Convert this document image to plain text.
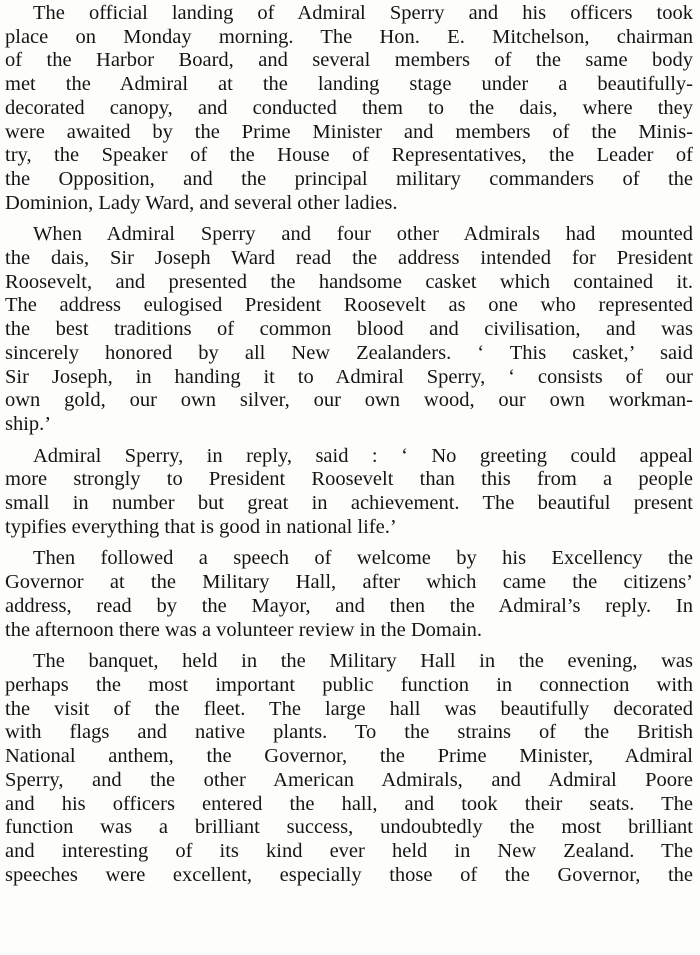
The official landing of Admiral Sperry and his officers took
place on Monday morning. The Hon. E. Mitchelson, chairman
of the Harbor Board, and several members of the same body
met the Admiral at the landing stage under a beautifully-
decorated canopy, and conducted them to the dais, where they
were awaited by the Prime Minister and members of the Minis-
try, the Speaker of the House of Representatives, the Leader of
the Opposition, and the principal military commanders of the
Dominion, Lady Ward, and several other ladies.

When Admiral Sperry and four other Admirals had mounted
the dais, Sir Joseph Ward read the address intended for President
Roosevelt, and presented the handsome casket which contained it.
The address eulogised President Roosevelt as one who represented
the best traditions of common blood and civilisation, and was
sincerely honored by all New Zealanders. ‘ This casket,’ said
Sir Joseph, in handing it to Admiral Sperry, ‘ consists of our
own gold, our own silver, our own wood, our own workman-
ship.’

Admiral Sperry, in reply, said : ‘ No greeting could appeal
more strongly to President Roosevelt than this from a people
small in number but great in achievement. The beautiful present
typifies everything that is good in national life.’

Then followed a speech of welcome by his Excellency the
Governor at the Military Hall, after which came the citizens’
address, read by the Mayor, and then the Admiral’s reply. In
the afternoon there was a volunteer review in the Domain.

The banquet, held in the Military Hall in the evening, was
perhaps the most important public function in connection with
the visit of the fleet. The large hall was beautifully decorated
with flags and native plants. To the strains of the British
National anthem, the Governor, the Prime Minister, Admiral
Sperry, and the other American Admirals, and Admiral Poore
and his officers entered the hall, and took their seats. The
function was a brilliant success, undoubtedly the most brilliant
and interesting of its kind ever held in New Zealand. The
speeches were excellent, especially those of the Governor, the
